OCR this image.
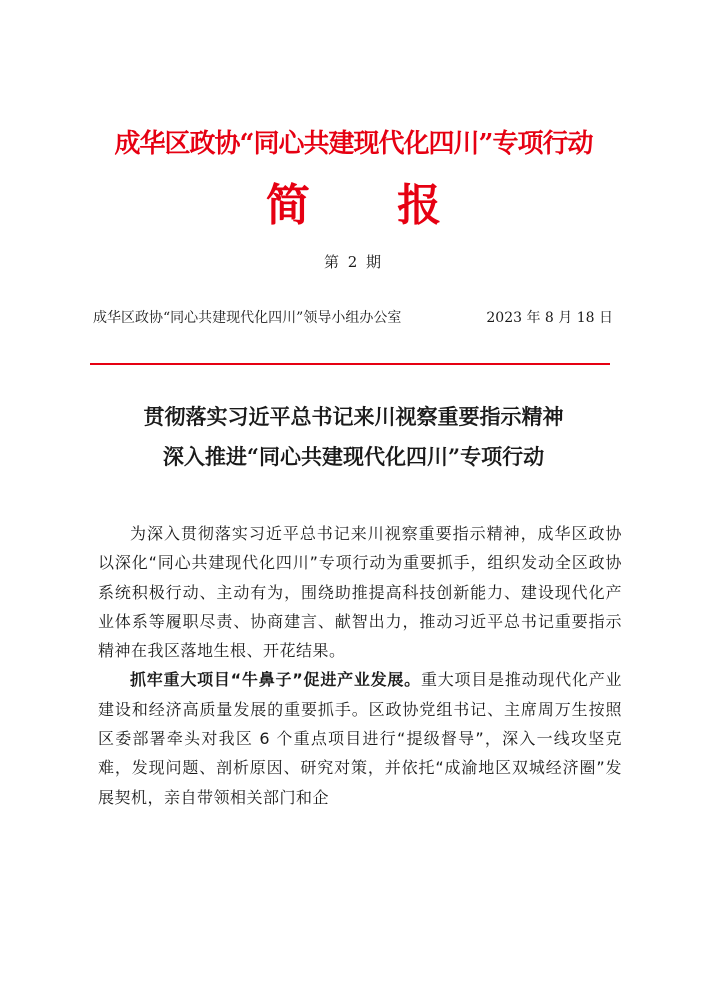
成华区政协“同心共建现代化四川”专项行动
简 报
第 2 期
成华区政协“同心共建现代化四川”领导小组办公室	2023 年 8 月 18 日
贯彻落实习近平总书记来川视察重要指示精神
深入推进“同心共建现代化四川”专项行动

为深入贯彻落实习近平总书记来川视察重要指示精神，成华区政协以深化“同心共建现代化四川”专项行动为重要抓手，组织发动全区政协系统积极行动、主动有为，围绕助推提高科技创新能力、建设现代化产业体系等履职尽责、协商建言、献智出力，推动习近平总书记重要指示精神在我区落地生根、开花结果。

抓牢重大项目“牛鼻子”促进产业发展。重大项目是推动现代化产业建设和经济高质量发展的重要抓手。区政协党组书记、主席周万生按照区委部署牵头对我区 6 个重点项目进行“提级督导”，深入一线攻坚克难，发现问题、剖析原因、研究对策，并依托“成渝地区双城经济圈”发展契机，亲自带领相关部门和企
